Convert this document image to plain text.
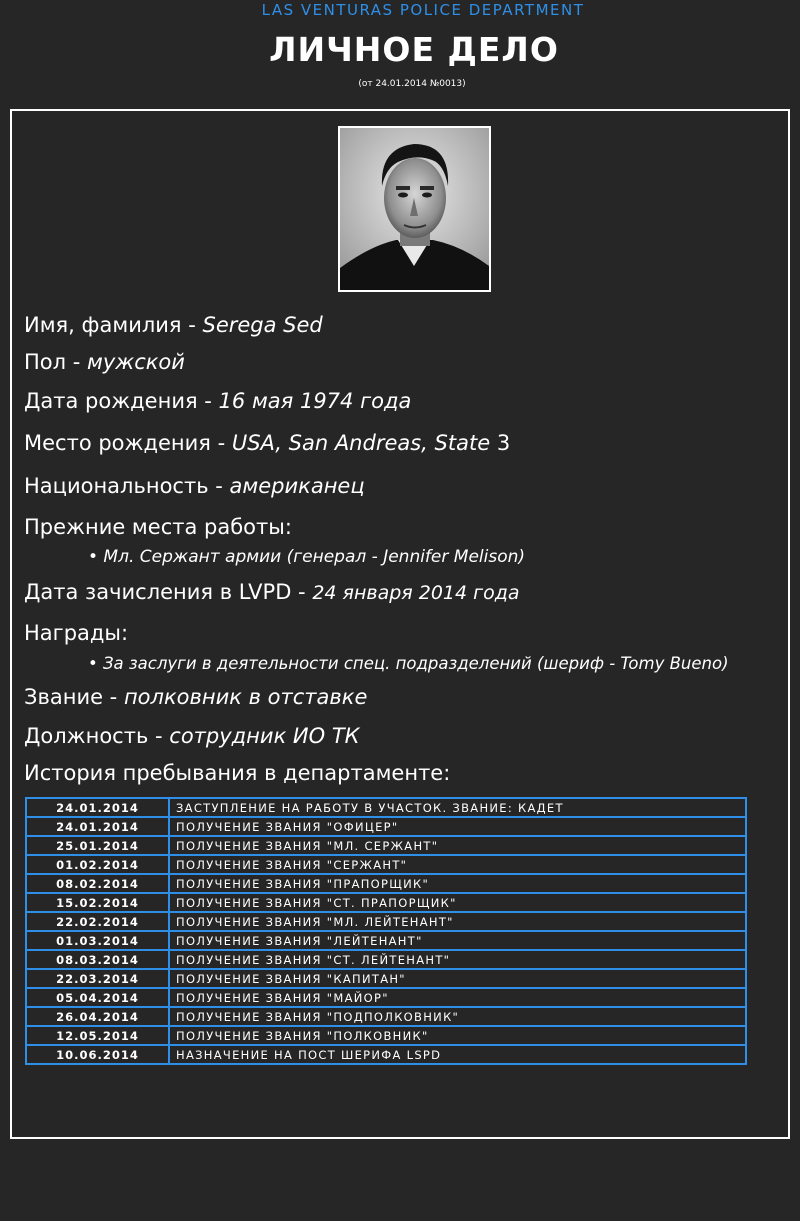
LAS VENTURAS POLICE DEPARTMENT
ЛИЧНОЕ ДЕЛО
(от 24.01.2014 №0013)
Имя, фамилия - Serega Sed
Пол - мужской
Дата рождения - 16 мая 1974 года
Место рождения - USA, San Andreas, State 3
Национальность - американец
Прежние места работы:
• Мл. Сержант армии (генерал - Jennifer Melison)
Дата зачисления в LVPD - 24 января 2014 года
Награды:
• За заслуги в деятельности спец. подразделений (шериф - Tomy Bueno)
Звание - полковник в отставке
Должность - сотрудник ИО ТК
История пребывания в департаменте:
24.01.2014	ЗАСТУПЛЕНИЕ НА РАБОТУ В УЧАСТОК. ЗВАНИЕ: КАДЕТ
24.01.2014	ПОЛУЧЕНИЕ ЗВАНИЯ "ОФИЦЕР"
25.01.2014	ПОЛУЧЕНИЕ ЗВАНИЯ "МЛ. СЕРЖАНТ"
01.02.2014	ПОЛУЧЕНИЕ ЗВАНИЯ "СЕРЖАНТ"
08.02.2014	ПОЛУЧЕНИЕ ЗВАНИЯ "ПРАПОРЩИК"
15.02.2014	ПОЛУЧЕНИЕ ЗВАНИЯ "СТ. ПРАПОРЩИК"
22.02.2014	ПОЛУЧЕНИЕ ЗВАНИЯ "МЛ. ЛЕЙТЕНАНТ"
01.03.2014	ПОЛУЧЕНИЕ ЗВАНИЯ "ЛЕЙТЕНАНТ"
08.03.2014	ПОЛУЧЕНИЕ ЗВАНИЯ "СТ. ЛЕЙТЕНАНТ"
22.03.2014	ПОЛУЧЕНИЕ ЗВАНИЯ "КАПИТАН"
05.04.2014	ПОЛУЧЕНИЕ ЗВАНИЯ "МАЙОР"
26.04.2014	ПОЛУЧЕНИЕ ЗВАНИЯ "ПОДПОЛКОВНИК"
12.05.2014	ПОЛУЧЕНИЕ ЗВАНИЯ "ПОЛКОВНИК"
10.06.2014	НАЗНАЧЕНИЕ НА ПОСТ ШЕРИФА LSPD
